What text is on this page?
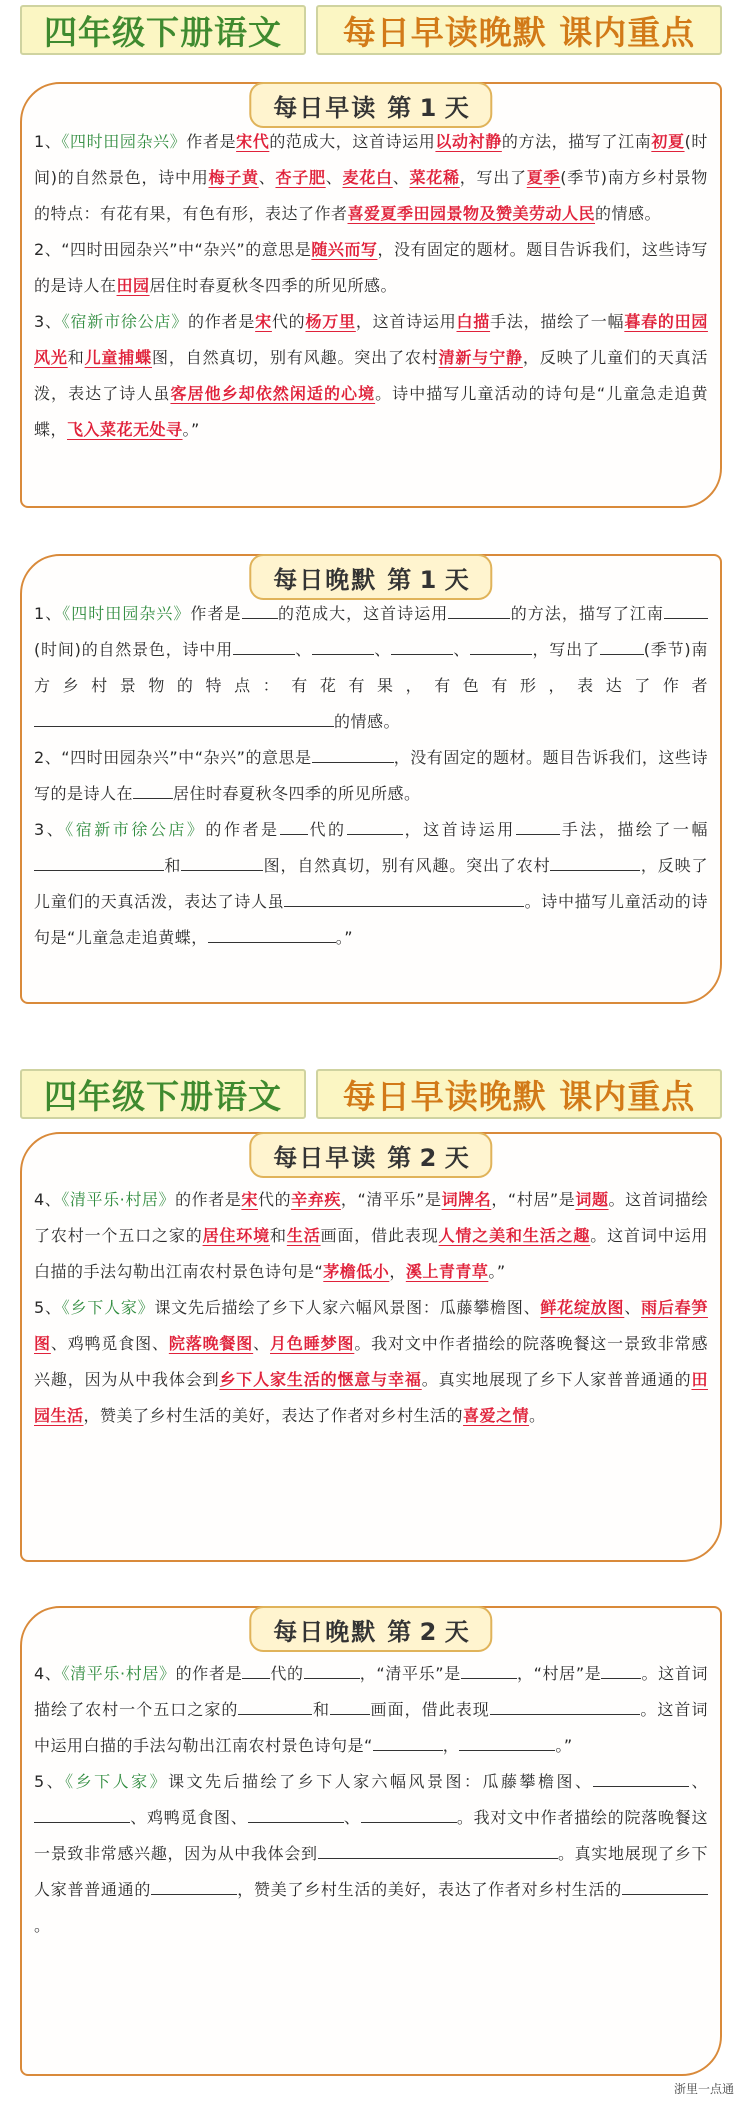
四年级下册语文	每日早读晚默 课内重点
每日早读 第 1 天

1、《四时田园杂兴》作者是宋代的范成大，这首诗运用以动衬静的方法，描写了江南初夏(时间)的自然景色，诗中用梅子黄、杏子肥、麦花白、菜花稀，写出了夏季(季节)南方乡村景物的特点：有花有果，有色有形，表达了作者喜爱夏季田园景物及赞美劳动人民的情感。

2、“四时田园杂兴”中“杂兴”的意思是随兴而写，没有固定的题材。题目告诉我们，这些诗写的是诗人在田园居住时春夏秋冬四季的所见所感。

3、《宿新市徐公店》的作者是宋代的杨万里，这首诗运用白描手法，描绘了一幅暮春的田园风光和儿童捕蝶图，自然真切，别有风趣。突出了农村清新与宁静，反映了儿童们的天真活泼，表达了诗人虽客居他乡却依然闲适的心境。诗中描写儿童活动的诗句是“儿童急走追黄蝶，飞入菜花无处寻。”

每日晚默 第 1 天

1、《四时田园杂兴》作者是 的范成大，这首诗运用	的方法，描写了江南(时间)的自然景色，诗中用	、	、	、	，写出了	(季节)南方乡村景物的特点：有花有果，有色有形，表达了作者的情感。

2、“四时田园杂兴”中“杂兴”的意思是	，没有固定的题材。题目告诉我们，这些诗写的是诗人在	居住时春夏秋冬四季的所见所感。

3、《宿新市徐公店》的作者是 代的	，这首诗运用	手法，描绘了一幅和	图，自然真切，别有风趣。突出了农村	，反映了儿童们的天真活泼，表达了诗人虽	。诗中描写儿童活动的诗句是“儿童急走追黄蝶，	。”

四年级下册语文	每日早读晚默 课内重点
每日早读 第 2 天

4、《清平乐·村居》的作者是宋代的辛弃疾，“清平乐”是词牌名，“村居”是词题。这首词描绘了农村一个五口之家的居住环境和生活画面，借此表现人情之美和生活之趣。这首词中运用白描的手法勾勒出江南农村景色诗句是“茅檐低小，溪上青青草。”

5、《乡下人家》课文先后描绘了乡下人家六幅风景图：瓜藤攀檐图、鲜花绽放图、雨后春笋图、鸡鸭觅食图、院落晚餐图、月色睡梦图。我对文中作者描绘的院落晚餐这一景致非常感兴趣，因为从中我体会到乡下人家生活的惬意与幸福。真实地展现了乡下人家普普通通的田园生活，赞美了乡村生活的美好，表达了作者对乡村生活的喜爱之情。

每日晚默 第 2 天

4、《清平乐·村居》的作者是 代的	，“清平乐”是	，“村居”是	。这首词描绘了农村一个五口之家的	和	画面，借此表现	。这首词中运用白描的手法勾勒出江南农村景色诗句是“	，	。”

5、《乡下人家》课文先后描绘了乡下人家六幅风景图：瓜藤攀檐图、	、、鸡鸭觅食图、	、	。我对文中作者描绘的院落晚餐这一景致非常感兴趣，因为从中我体会到	。真实地展现了乡下人家普普通通的	，赞美了乡村生活的美好，表达了作者对乡村生活的。

浙里一点通
